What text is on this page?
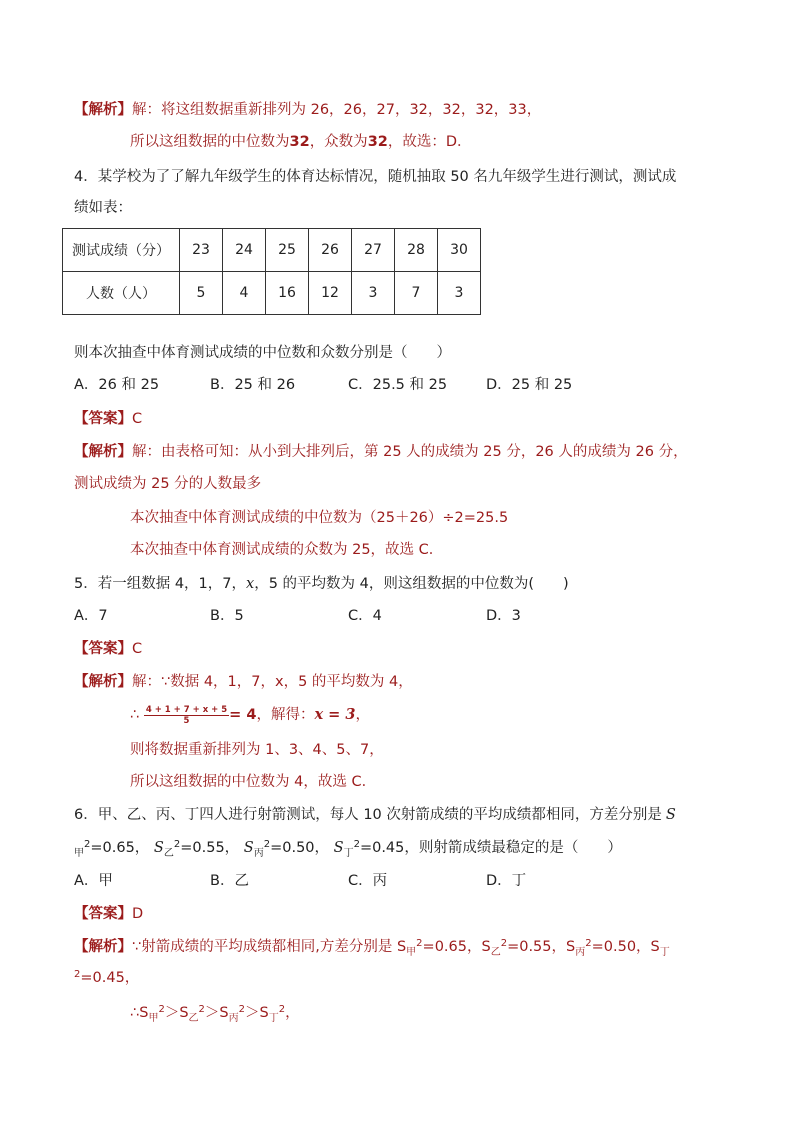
【解析】解：将这组数据重新排列为 26，26，27，32，32，32，33，
所以这组数据的中位数为32，众数为32，故选：D．
4．某学校为了了解九年级学生的体育达标情况，随机抽取 50 名九年级学生进行测试，测试成
绩如表：
测试成绩（分）	23	24	25	26	27	28	30
人数（人）	5	4	16	12	3	7	3
则本次抽查中体育测试成绩的中位数和众数分别是（　　）
A．26 和 25	B．25 和 26	C．25.5 和 25	D．25 和 25
【答案】C
【解析】解：由表格可知：从小到大排列后，第 25 人的成绩为 25 分，26 人的成绩为 26 分，
测试成绩为 25 分的人数最多
本次抽查中体育测试成绩的中位数为（25＋26）÷2=25.5
本次抽查中体育测试成绩的众数为 25，故选 C．
5．若一组数据 4，1，7，x，5 的平均数为 4，则这组数据的中位数为(　　)
A．7	B．5	C．4	D．3
【答案】C
【解析】解：∵数据 4，1，7，x，5 的平均数为 4，
∴ $\frac{4 + 1 + 7 + x + 5}{5} = 4$，解得：x = 3，
则将数据重新排列为 1、3、4、5、7，
所以这组数据的中位数为 4，故选 C．
6．甲、乙、丙、丁四人进行射箭测试，每人 10 次射箭成绩的平均成绩都相同，方差分别是 S
$_甲^2$=0.65， $S_乙^2=0.55$， $S_丙^2=0.50$， $S_丁^2=0.45$，则射箭成绩最稳定的是（　　）
A．甲	B．乙	C．丙	D．丁
【答案】D
【解析】∵射箭成绩的平均成绩都相同,方差分别是 $S_甲^2=0.65$，$S_乙^2=0.55$，$S_丙^2=0.50$，$S_丁$
$^2$=0.45，
$\therefore S_甲^2>S_乙^2>S_丙^2>S_丁^2$，
